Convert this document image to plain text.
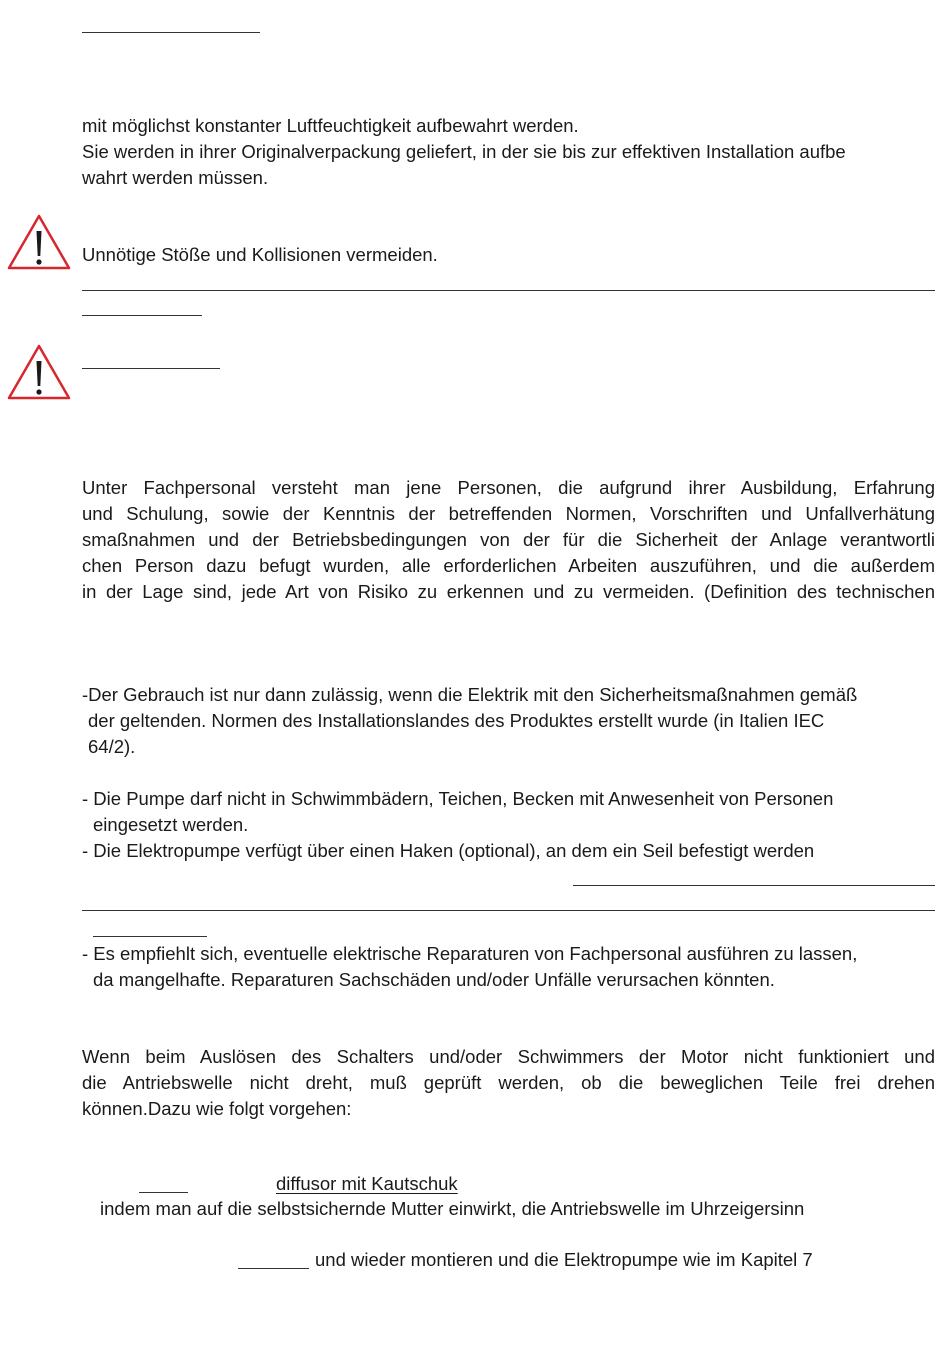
mit möglichst konstanter Luftfeuchtigkeit aufbewahrt werden.
Sie werden in ihrer Originalverpackung geliefert, in der sie bis zur effektiven Installation aufbe
wahrt werden müssen.
Unnötige Stöße und Kollisionen vermeiden.
Unter Fachpersonal versteht man jene Personen, die aufgrund ihrer Ausbildung, Erfahrung
und Schulung, sowie der Kenntnis der betreffenden Normen, Vorschriften und Unfallverhätung
smaßnahmen und der Betriebsbedingungen von der für die Sicherheit der Anlage verantwortli
chen Person dazu befugt wurden, alle erforderlichen Arbeiten auszuführen, und die außerdem
in der Lage sind, jede Art von Risiko zu erkennen und zu vermeiden. (Definition des technischen
-Der Gebrauch ist nur dann zulässig, wenn die Elektrik mit den Sicherheitsmaßnahmen gemäß
der geltenden. Normen des Installationslandes des Produktes erstellt wurde (in Italien IEC
64/2).
- Die Pumpe darf nicht in Schwimmbädern, Teichen, Becken mit Anwesenheit von Personen
eingesetzt werden.
- Die Elektropumpe verfügt über einen Haken (optional), an dem ein Seil befestigt werden
- Es empfiehlt sich, eventuelle elektrische Reparaturen von Fachpersonal ausführen zu lassen,
da mangelhafte. Reparaturen Sachschäden und/oder Unfälle verursachen könnten.
Wenn beim Auslösen des Schalters und/oder Schwimmers der Motor nicht funktioniert und
die Antriebswelle nicht dreht, muß geprüft werden, ob die beweglichen Teile frei drehen
können.Dazu wie folgt vorgehen:
diffusor mit Kautschuk
indem man auf die selbstsichernde Mutter einwirkt, die Antriebswelle im Uhrzeigersinn
und wieder montieren und die Elektropumpe wie im Kapitel 7
